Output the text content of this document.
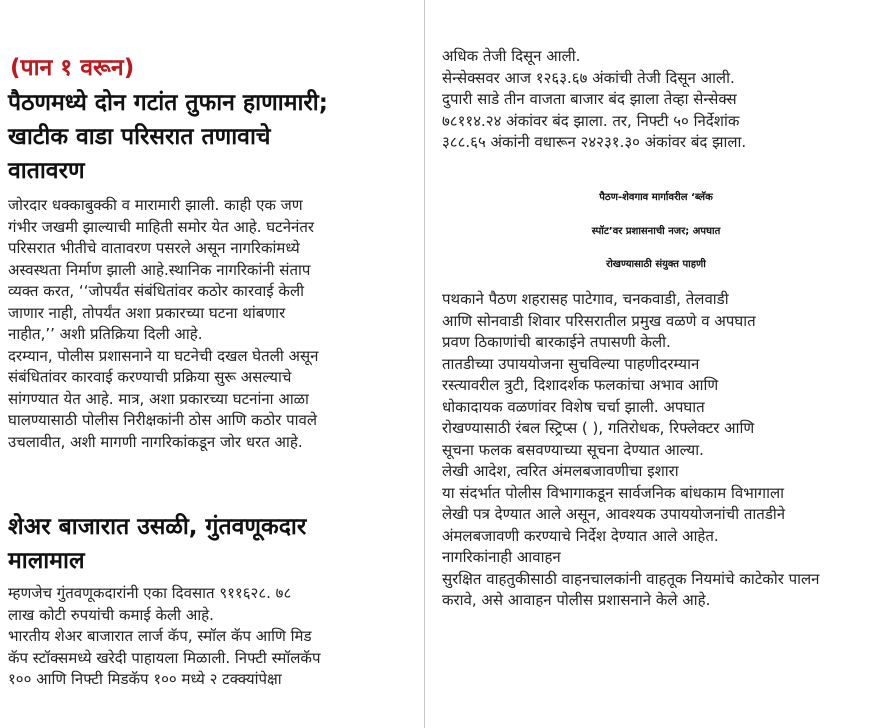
(पान १ वरून)
पैठणमध्ये दोन गटांत तुफान हाणामारी;
खाटीक वाडा परिसरात तणावाचे
वातावरण
जोरदार धक्काबुक्की व मारामारी झाली. काही एक जण
गंभीर जखमी झाल्याची माहिती समोर येत आहे. घटनेनंतर
परिसरात भीतीचे वातावरण पसरले असून नागरिकांमध्ये
अस्वस्थता निर्माण झाली आहे.स्थानिक नागरिकांनी संताप
व्यक्त करत, ‘‘जोपर्यंत संबंधितांवर कठोर कारवाई केली
जाणार नाही, तोपर्यंत अशा प्रकारच्या घटना थांबणार
नाहीत,’’ अशी प्रतिक्रिया दिली आहे.
दरम्यान, पोलीस प्रशासनाने या घटनेची दखल घेतली असून
संबंधितांवर कारवाई करण्याची प्रक्रिया सुरू असल्याचे
सांगण्यात येत आहे. मात्र, अशा प्रकारच्या घटनांना आळा
घालण्यासाठी पोलीस निरीक्षकांनी ठोस आणि कठोर पावले
उचलावीत, अशी मागणी नागरिकांकडून जोर धरत आहे.
शेअर बाजारात उसळी, गुंतवणूकदार
मालामाल
म्हणजेच गुंतवणूकदारांनी एका दिवसात ९११६२८. ७८
लाख कोटी रुपयांची कमाई केली आहे.
भारतीय शेअर बाजारात लार्ज कॅप, स्मॉल कॅप आणि मिड
कॅप स्टॉक्समध्ये खरेदी पाहायला मिळाली. निफ्टी स्मॉलकॅप
१०० आणि निफ्टी मिडकॅप १०० मध्ये २ टक्क्यांपेक्षा
अधिक तेजी दिसून आली.
सेन्सेक्सवर आज १२६३.६७ अंकांची तेजी दिसून आली.
दुपारी साडे तीन वाजता बाजार बंद झाला तेव्हा सेन्सेक्स
७८११४.२४ अंकांवर बंद झाला. तर, निफ्टी ५० निर्देशांक
३८८.६५ अंकांनी वधारून २४२३१.३० अंकांवर बंद झाला.
पैठण-शेवगाव मार्गावरील ‘ब्लॅक
स्पॉट’वर प्रशासनाची नजर; अपघात
रोखण्यासाठी संयुक्त पाहणी
पथकाने पैठण शहरासह पाटेगाव, चनकवाडी, तेलवाडी
आणि सोनवाडी शिवार परिसरातील प्रमुख वळणे व अपघात
प्रवण ठिकाणांची बारकाईने तपासणी केली.
तातडीच्या उपाययोजना सुचविल्या पाहणीदरम्यान
रस्त्यावरील त्रुटी, दिशादर्शक फलकांचा अभाव आणि
धोकादायक वळणांवर विशेष चर्चा झाली. अपघात
रोखण्यासाठी रंबल स्ट्रिप्स ( ), गतिरोधक, रिफ्लेक्टर आणि
सूचना फलक बसवण्याच्या सूचना देण्यात आल्या.
लेखी आदेश, त्वरित अंमलबजावणीचा इशारा
या संदर्भात पोलीस विभागाकडून सार्वजनिक बांधकाम विभागाला
लेखी पत्र देण्यात आले असून, आवश्यक उपाययोजनांची तातडीने
अंमलबजावणी करण्याचे निर्देश देण्यात आले आहेत.
नागरिकांनाही आवाहन
सुरक्षित वाहतुकीसाठी वाहनचालकांनी वाहतूक नियमांचे काटेकोर पालन
करावे, असे आवाहन पोलीस प्रशासनाने केले आहे.
